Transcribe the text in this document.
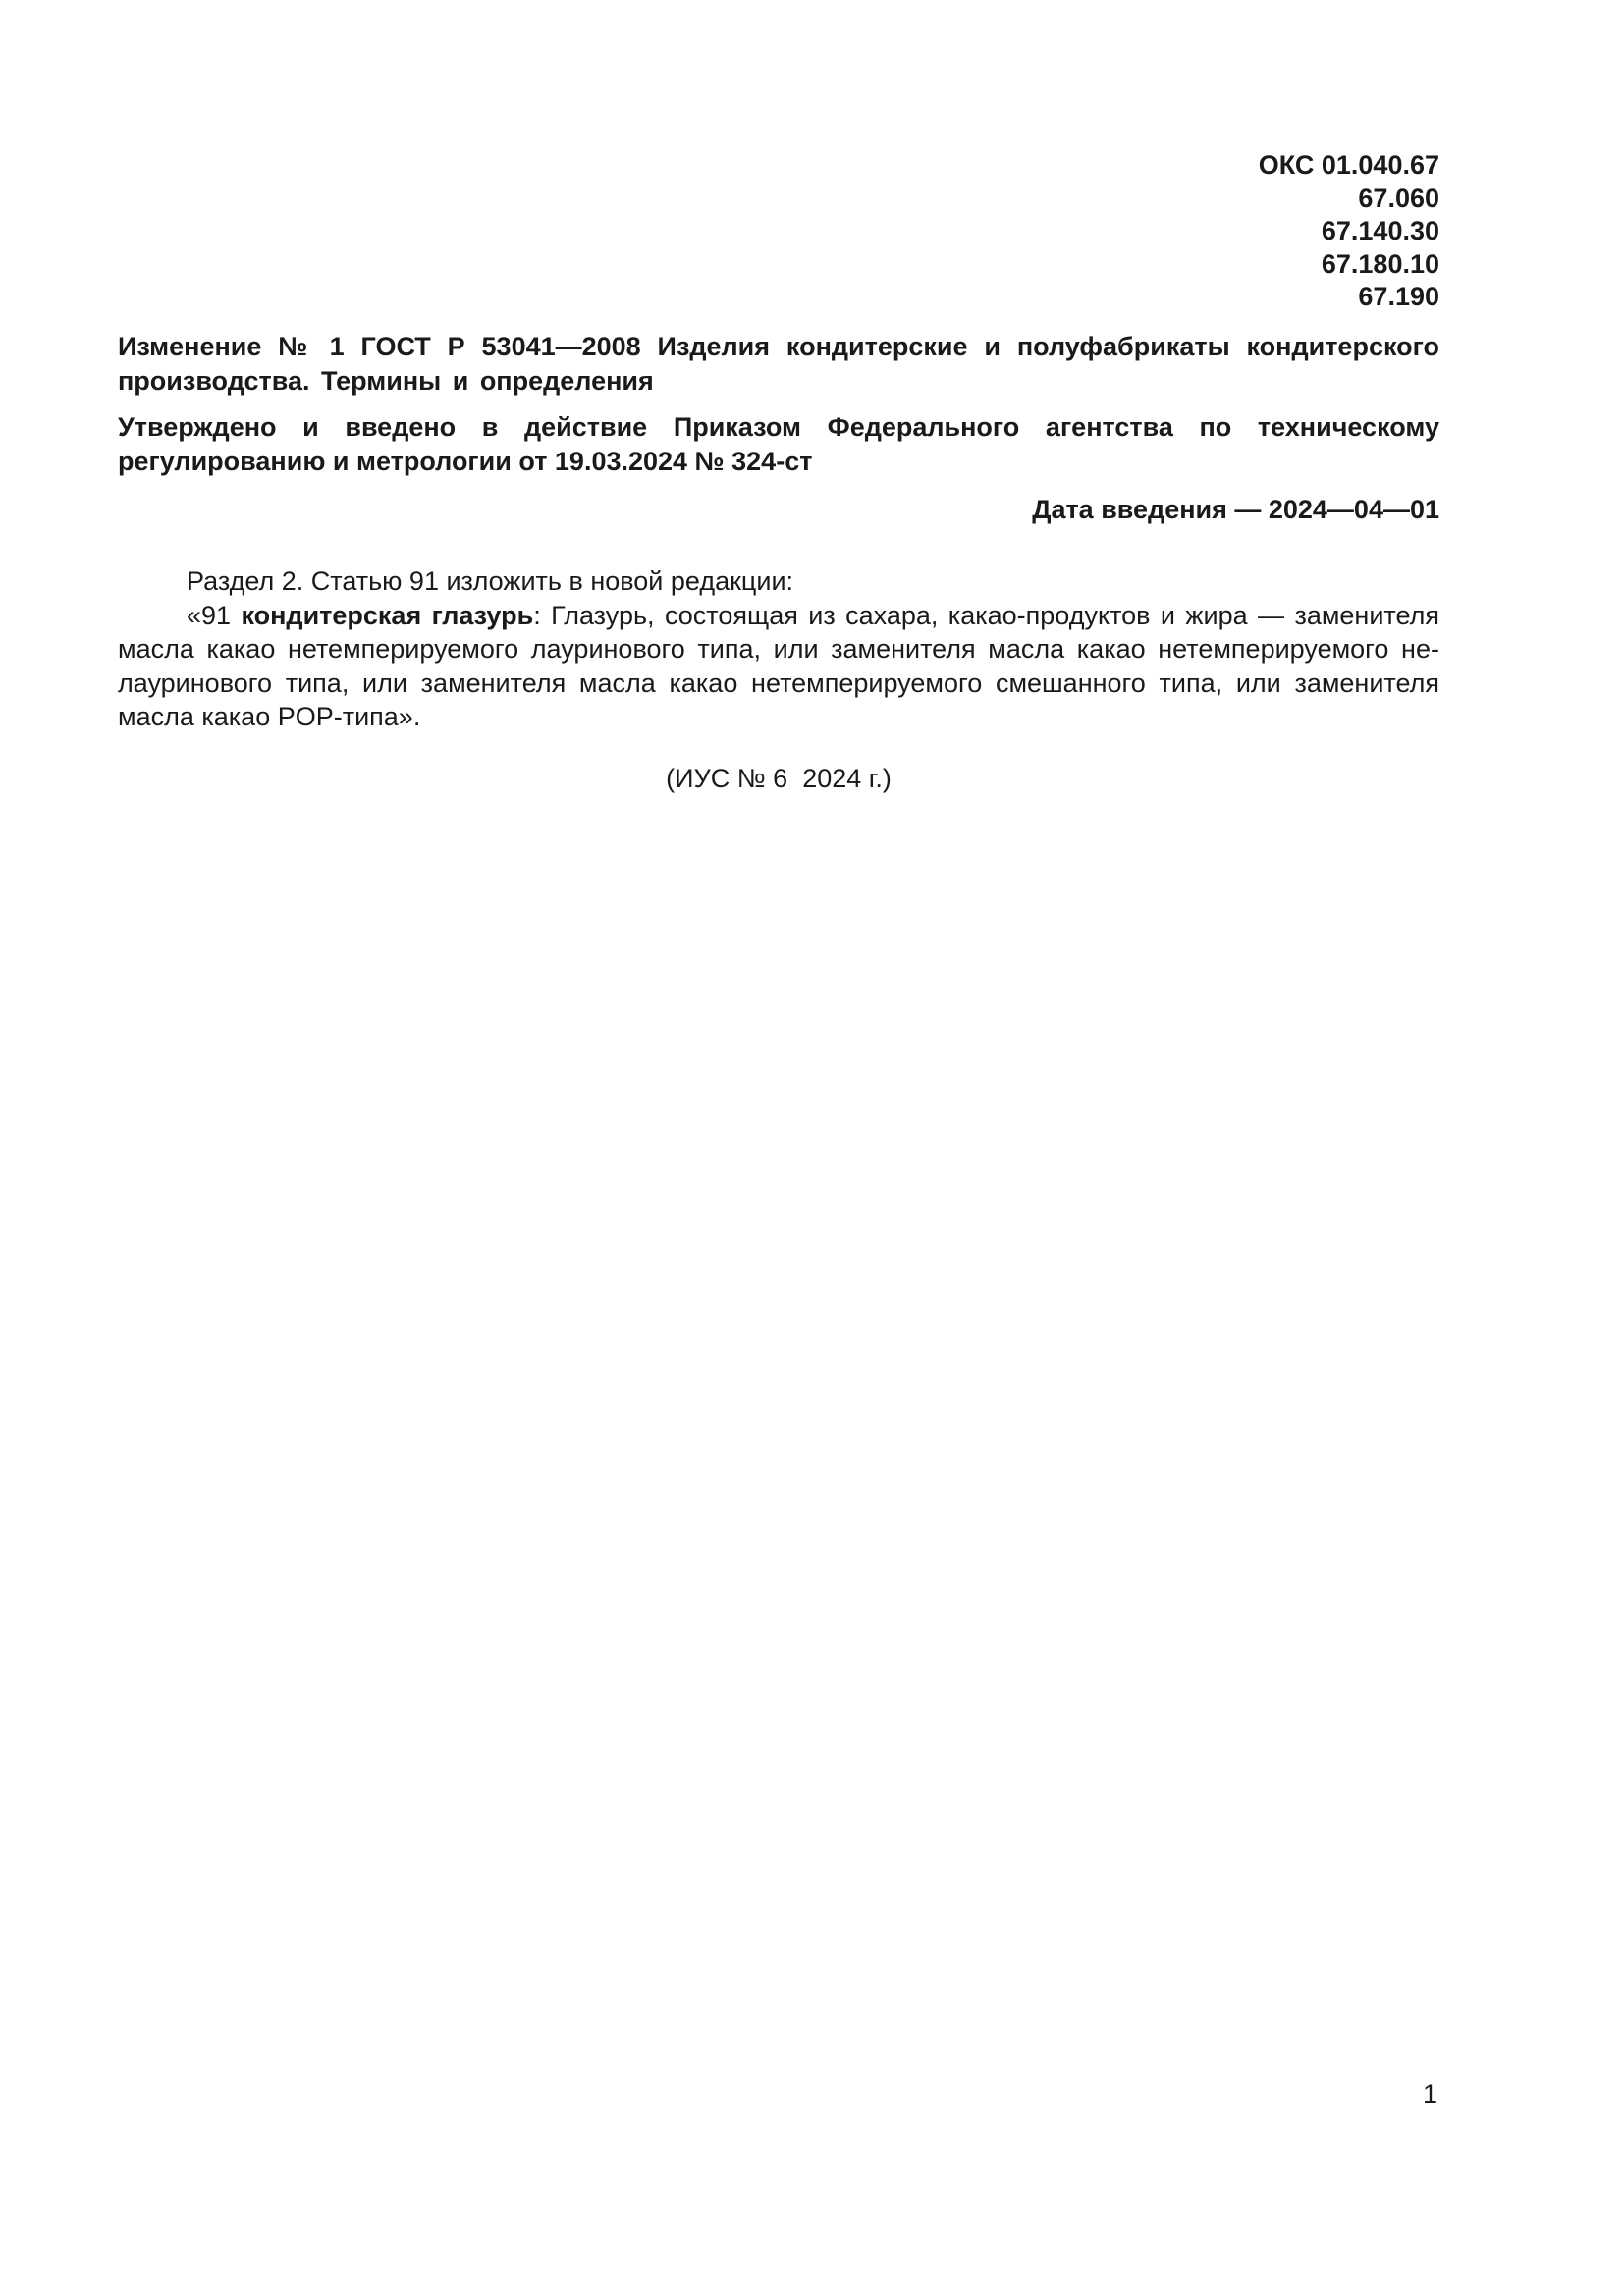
ОКС 01.040.67
67.060
67.140.30
67.180.10
67.190
Изменение № 1 ГОСТ Р 53041—2008 Изделия кондитерские и полуфабрикаты кондитерского производства. Термины и определения
Утверждено и введено в действие Приказом Федерального агентства по техническому регулированию и метрологии от 19.03.2024 № 324-ст
Дата введения — 2024—04—01

Раздел 2. Статью 91 изложить в новой редакции:

«91 кондитерская глазурь: Глазурь, состоящая из сахара, какао-продуктов и жира — заменителя масла какао нетемперируемого лауринового типа, или заменителя масла какао нетемперируемого нелауринового типа, или заменителя масла какао нетемперируемого смешанного типа, или заменителя масла какао POP-типа».

(ИУС № 6  2024 г.)
1
